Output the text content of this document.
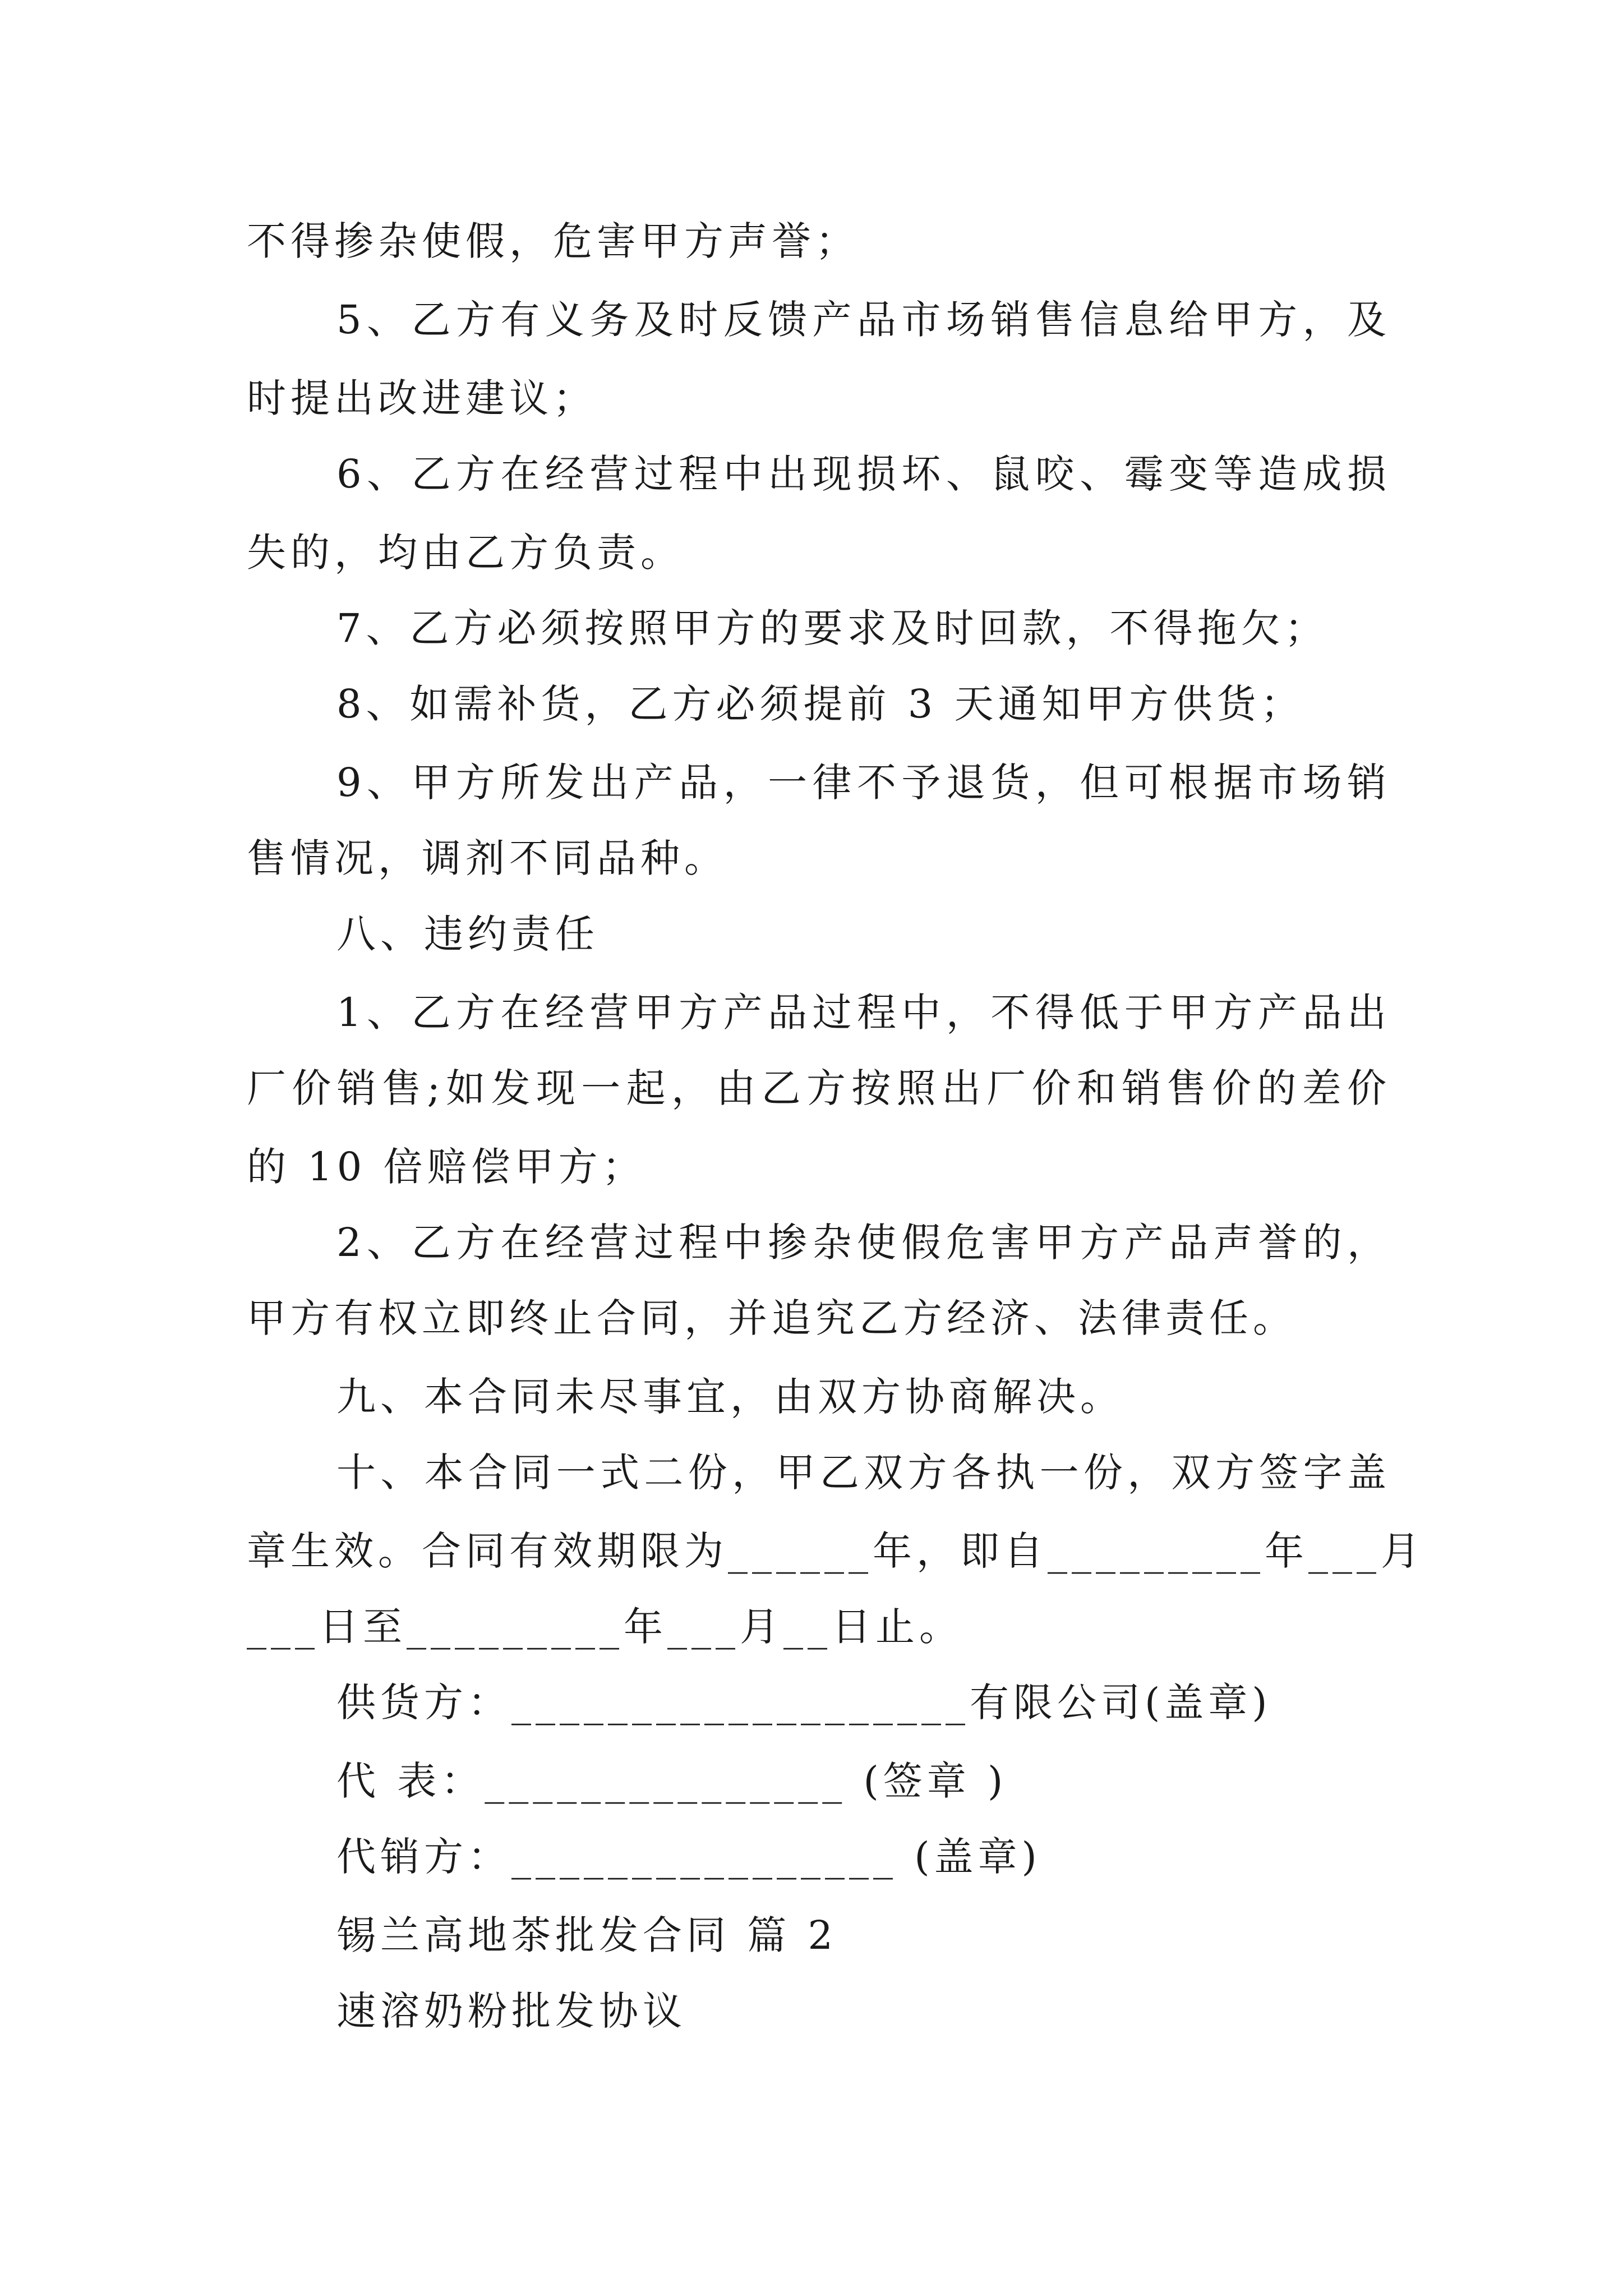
不得掺杂使假，危害甲方声誉；
5、乙方有义务及时反馈产品市场销售信息给甲方，及
时提出改进建议；
6、乙方在经营过程中出现损坏、鼠咬、霉变等造成损
失的，均由乙方负责。
7、乙方必须按照甲方的要求及时回款，不得拖欠；
8、如需补货，乙方必须提前 3 天通知甲方供货；
9、甲方所发出产品，一律不予退货，但可根据市场销
售情况，调剂不同品种。
八、违约责任
1、乙方在经营甲方产品过程中，不得低于甲方产品出
厂价销售;如发现一起，由乙方按照出厂价和销售价的差价
的 10 倍赔偿甲方；
2、乙方在经营过程中掺杂使假危害甲方产品声誉的，
甲方有权立即终止合同，并追究乙方经济、法律责任。
九、本合同未尽事宜，由双方协商解决。
十、本合同一式二份，甲乙双方各执一份，双方签字盖
章生效。合同有效期限为______年，即自_________年___月
___日至_________年___月__日止。
供货方：___________________有限公司(盖章)
代 表：_______________ (签章 )
代销方：________________ (盖章)
锡兰高地茶批发合同 篇 2
速溶奶粉批发协议
